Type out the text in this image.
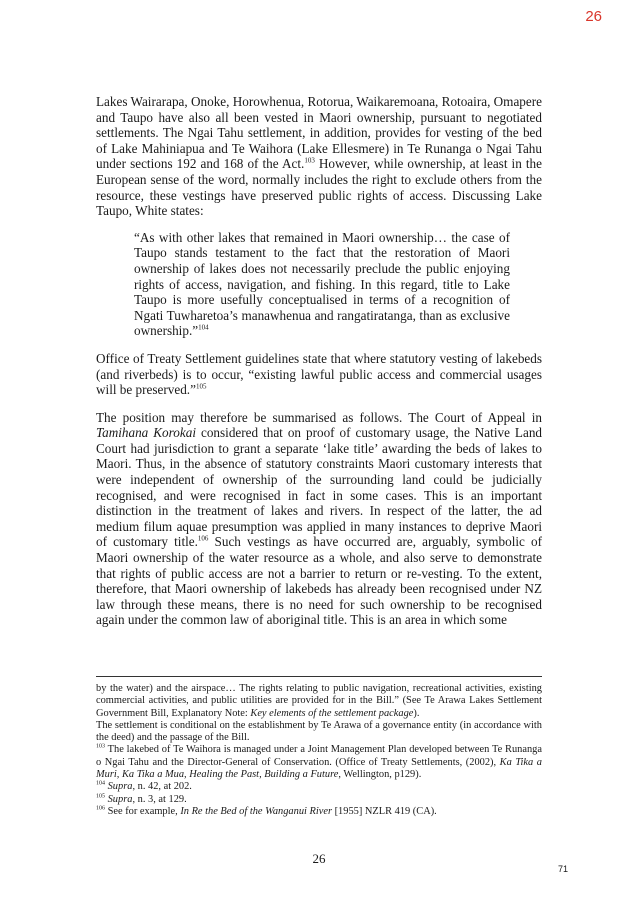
26

Lakes Wairarapa, Onoke, Horowhenua, Rotorua, Waikaremoana, Rotoaira, Omapere and Taupo have also all been vested in Maori ownership, pursuant to negotiated settlements. The Ngai Tahu settlement, in addition, provides for vesting of the bed of Lake Mahiniapua and Te Waihora (Lake Ellesmere) in Te Runanga o Ngai Tahu under sections 192 and 168 of the Act.$^{103}$ However, while ownership, at least in the European sense of the word, normally includes the right to exclude others from the resource, these vestings have preserved public rights of access. Discussing Lake Taupo, White states:

“As with other lakes that remained in Maori ownership… the case of Taupo stands testament to the fact that the restoration of Maori ownership of lakes does not necessarily preclude the public enjoying rights of access, navigation, and fishing. In this regard, title to Lake Taupo is more usefully conceptualised in terms of a recognition of Ngati Tuwharetoa’s manawhenua and rangatiratanga, than as exclusive ownership.”$^{104}$

Office of Treaty Settlement guidelines state that where statutory vesting of lakebeds (and riverbeds) is to occur, “existing lawful public access and commercial usages will be preserved.”$^{105}$

The position may therefore be summarised as follows. The Court of Appeal in Tamihana Korokai considered that on proof of customary usage, the Native Land Court had jurisdiction to grant a separate ‘lake title’ awarding the beds of lakes to Maori. Thus, in the absence of statutory constraints Maori customary interests that were independent of ownership of the surrounding land could be judicially recognised, and were recognised in fact in some cases. This is an important distinction in the treatment of lakes and rivers. In respect of the latter, the ad medium filum aquae presumption was applied in many instances to deprive Maori of customary title.$^{106}$ Such vestings as have occurred are, arguably, symbolic of Maori ownership of the water resource as a whole, and also serve to demonstrate that rights of public access are not a barrier to return or re-vesting. To the extent, therefore, that Maori ownership of lakebeds has already been recognised under NZ law through these means, there is no need for such ownership to be recognised again under the common law of aboriginal title. This is an area in which some

by the water) and the airspace… The rights relating to public navigation, recreational activities, existing commercial activities, and public utilities are provided for in the Bill.” (See Te Arawa Lakes Settlement Government Bill, Explanatory Note: Key elements of the settlement package).

The settlement is conditional on the establishment by Te Arawa of a governance entity (in accordance with the deed) and the passage of the Bill.

$^{103}$ The lakebed of Te Waihora is managed under a Joint Management Plan developed between Te Runanga o Ngai Tahu and the Director-General of Conservation. (Office of Treaty Settlements, (2002), Ka Tika a Muri, Ka Tika a Mua, Healing the Past, Building a Future, Wellington, p129).

$^{104}$ Supra, n. 42, at 202.

$^{105}$ Supra, n. 3, at 129.

$^{106}$ See for example, In Re the Bed of the Wanganui River [1955] NZLR 419 (CA).

26
71
